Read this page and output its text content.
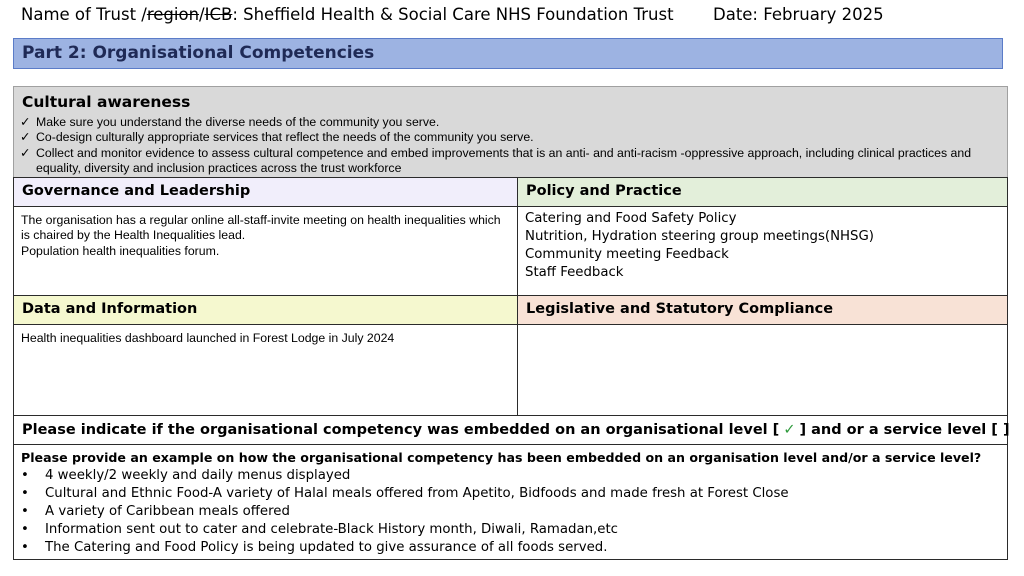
Name of Trust /region/ICB: Sheffield Health & Social Care NHS Foundation Trust Date: February 2025
Part 2: Organisational Competencies
Cultural awareness
✓ Make sure you understand the diverse needs of the community you serve.
✓ Co-design culturally appropriate services that reflect the needs of the community you serve.
✓ Collect and monitor evidence to assess cultural competence and embed improvements that is an anti- and anti-racism -oppressive approach, including clinical practices and equality, diversity and inclusion practices across the trust workforce
Governance and Leadership	Policy and Practice
The organisation has a regular online all-staff-invite meeting on health inequalities which is chaired by the Health Inequalities lead.
Population health inequalities forum.
Catering and Food Safety Policy
Nutrition, Hydration steering group meetings(NHSG)
Community meeting Feedback
Staff Feedback
Data and Information	Legislative and Statutory Compliance
Health inequalities dashboard launched in Forest Lodge in July 2024
Please indicate if the organisational competency was embedded on an organisational level [ ✓ ] and or a service level [ ]
Please provide an example on how the organisational competency has been embedded on an organisation level and/or a service level?
• 4 weekly/2 weekly and daily menus displayed
• Cultural and Ethnic Food-A variety of Halal meals offered from Apetito, Bidfoods and made fresh at Forest Close
• A variety of Caribbean meals offered
• Information sent out to cater and celebrate-Black History month, Diwali, Ramadan,etc
• The Catering and Food Policy is being updated to give assurance of all foods served.
